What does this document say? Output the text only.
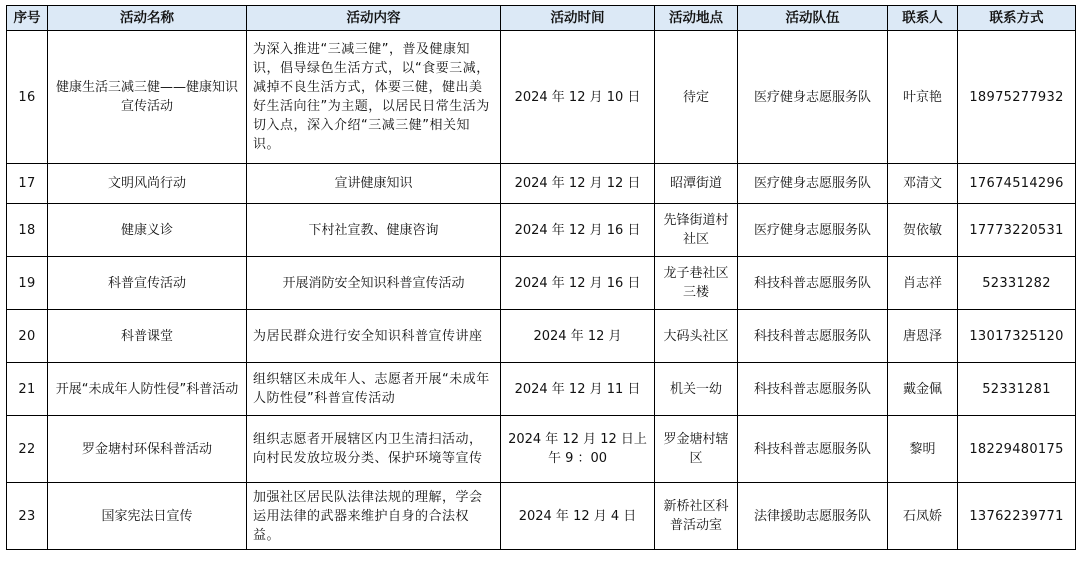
序号	活动名称	活动内容	活动时间	活动地点	活动队伍	联系人	联系方式
16	健康生活三减三健——健康知识宣传活动	为深入推进“三减三健”，普及健康知识，倡导绿色生活方式，以“食要三减，减掉不良生活方式，体要三健，健出美好生活向往”为主题，以居民日常生活为切入点，深入介绍“三减三健”相关知识。	2024 年 12 月 10 日	待定	医疗健身志愿服务队	叶京艳	18975277932
17	文明风尚行动	宣讲健康知识	2024 年 12 月 12 日	昭潭街道	医疗健身志愿服务队	邓清文	17674514296
18	健康义诊	下村社宣教、健康咨询	2024 年 12 月 16 日	先锋街道村社区	医疗健身志愿服务队	贺依敏	17773220531
19	科普宣传活动	开展消防安全知识科普宣传活动	2024 年 12 月 16 日	龙子巷社区三楼	科技科普志愿服务队	肖志祥	52331282
20	科普课堂	为居民群众进行安全知识科普宣传讲座	2024 年 12 月	大码头社区	科技科普志愿服务队	唐恩泽	13017325120
21	开展“未成年人防性侵”科普活动	组织辖区未成年人、志愿者开展“未成年人防性侵”科普宣传活动	2024 年 12 月 11 日	机关一幼	科技科普志愿服务队	戴金佩	52331281
22	罗金塘村环保科普活动	组织志愿者开展辖区内卫生清扫活动，向村民发放垃圾分类、保护环境等宣传	2024 年 12 月 12 日上午 9 ：00	罗金塘村辖区	科技科普志愿服务队	黎明	18229480175
23	国家宪法日宣传	加强社区居民队法律法规的理解，学会运用法律的武器来维护自身的合法权益。	2024 年 12 月 4 日	新桥社区科普活动室	法律援助志愿服务队	石凤娇	13762239771
